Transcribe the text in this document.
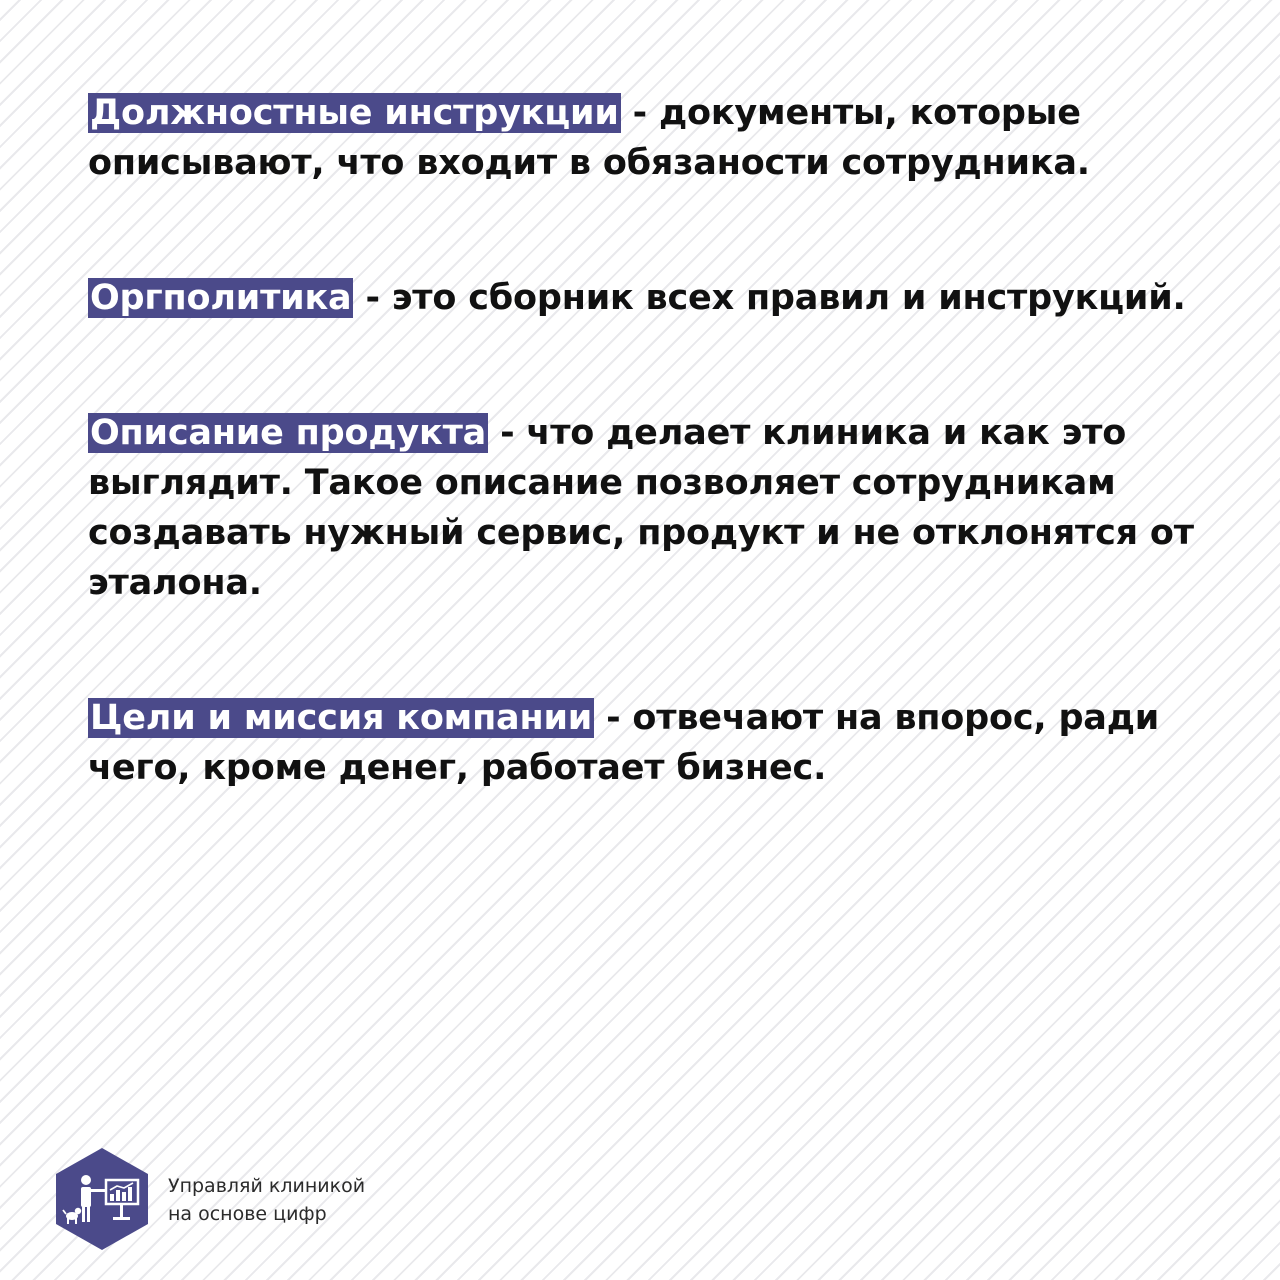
Должностные инструкции - документы, которые описывают, что входит в обязаности сотрудника.

Оргполитика - это сборник всех правил и инструкций.

Описание продукта - что делает клиника и как это выглядит. Такое описание позволяет сотрудникам создавать нужный сервис, продукт и не отклонятся от эталона.

Цели и миссия компании - отвечают на впорос, ради чего, кроме денег, работает бизнес.

Управляй клиникой
на основе цифр
